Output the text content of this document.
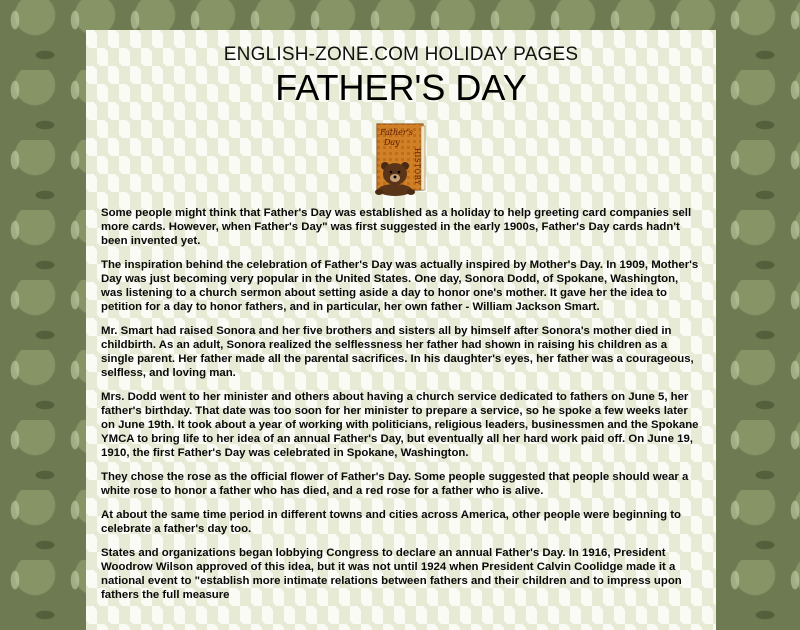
ENGLISH-ZONE.COM HOLIDAY PAGES
FATHER'S DAY
Father's
Day
HISTORY

Some people might think that Father's Day was established as a holiday to help greeting card companies sell more cards. However, when Father's Day" was first suggested in the early 1900s, Father's Day cards hadn't been invented yet.

The inspiration behind the celebration of Father's Day was actually inspired by Mother's Day. In 1909, Mother's Day was just becoming very popular in the United States. One day, Sonora Dodd, of Spokane, Washington, was listening to a church sermon about setting aside a day to honor one's mother. It gave her the idea to petition for a day to honor fathers, and in particular, her own father - William Jackson Smart.

Mr. Smart had raised Sonora and her five brothers and sisters all by himself after Sonora's mother died in childbirth. As an adult, Sonora realized the selflessness her father had shown in raising his children as a single parent. Her father made all the parental sacrifices. In his daughter's eyes, her father was a courageous, selfless, and loving man.

Mrs. Dodd went to her minister and others about having a church service dedicated to fathers on June 5, her father's birthday. That date was too soon for her minister to prepare a service, so he spoke a few weeks later on June 19th. It took about a year of working with politicians, religious leaders, businessmen and the Spokane YMCA to bring life to her idea of an annual Father's Day, but eventually all her hard work paid off. On June 19, 1910, the first Father's Day was celebrated in Spokane, Washington.

They chose the rose as the official flower of Father's Day. Some people suggested that people should wear a white rose to honor a father who has died, and a red rose for a father who is alive.

At about the same time period in different towns and cities across America, other people were beginning to celebrate a father's day too.

States and organizations began lobbying Congress to declare an annual Father's Day. In 1916, President Woodrow Wilson approved of this idea, but it was not until 1924 when President Calvin Coolidge made it a national event to "establish more intimate relations between fathers and their children and to impress upon fathers the full measure
